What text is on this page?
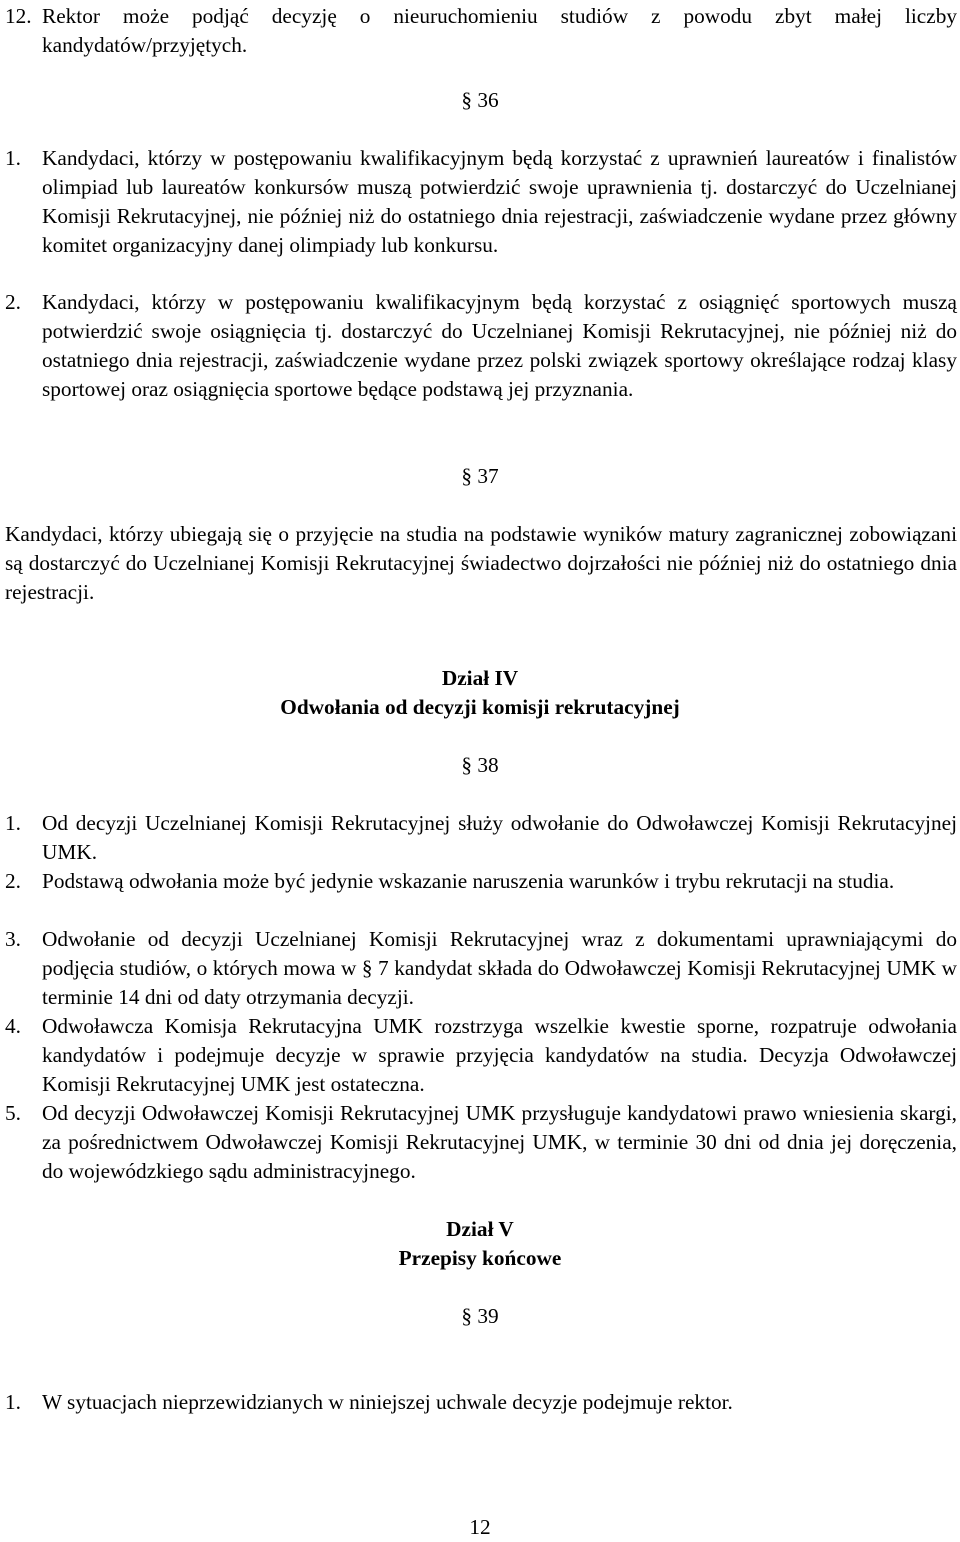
12. Rektor może podjąć decyzję o nieuruchomieniu studiów z powodu zbyt małej liczby kandydatów/przyjętych.
§ 36
1. Kandydaci, którzy w postępowaniu kwalifikacyjnym będą korzystać z uprawnień laureatów i finalistów olimpiad lub laureatów konkursów muszą potwierdzić swoje uprawnienia tj. dostarczyć do Uczelnianej Komisji Rekrutacyjnej, nie później niż do ostatniego dnia rejestracji, zaświadczenie wydane przez główny komitet organizacyjny danej olimpiady lub konkursu.
2. Kandydaci, którzy w postępowaniu kwalifikacyjnym będą korzystać z osiągnięć sportowych muszą potwierdzić swoje osiągnięcia tj. dostarczyć do Uczelnianej Komisji Rekrutacyjnej, nie później niż do ostatniego dnia rejestracji, zaświadczenie wydane przez polski związek sportowy określające rodzaj klasy sportowej oraz osiągnięcia sportowe będące podstawą jej przyznania.
§ 37
Kandydaci, którzy ubiegają się o przyjęcie na studia na podstawie wyników matury zagranicznej zobowiązani są dostarczyć do Uczelnianej Komisji Rekrutacyjnej świadectwo dojrzałości nie później niż do ostatniego dnia rejestracji.
Dział IV
Odwołania od decyzji komisji rekrutacyjnej
§ 38
1. Od decyzji Uczelnianej Komisji Rekrutacyjnej służy odwołanie do Odwoławczej Komisji Rekrutacyjnej UMK.
2. Podstawą odwołania może być jedynie wskazanie naruszenia warunków i trybu rekrutacji na studia.
3. Odwołanie od decyzji Uczelnianej Komisji Rekrutacyjnej wraz z dokumentami uprawniającymi do podjęcia studiów, o których mowa w § 7 kandydat składa do Odwoławczej Komisji Rekrutacyjnej UMK w terminie 14 dni od daty otrzymania decyzji.
4. Odwoławcza Komisja Rekrutacyjna UMK rozstrzyga wszelkie kwestie sporne, rozpatruje odwołania kandydatów i podejmuje decyzje w sprawie przyjęcia kandydatów na studia. Decyzja Odwoławczej Komisji Rekrutacyjnej UMK jest ostateczna.
5. Od decyzji Odwoławczej Komisji Rekrutacyjnej UMK przysługuje kandydatowi prawo wniesienia skargi, za pośrednictwem Odwoławczej Komisji Rekrutacyjnej UMK, w terminie 30 dni od dnia jej doręczenia, do wojewódzkiego sądu administracyjnego.
Dział V
Przepisy końcowe
§ 39
1. W sytuacjach nieprzewidzianych w niniejszej uchwale decyzje podejmuje rektor.
12
